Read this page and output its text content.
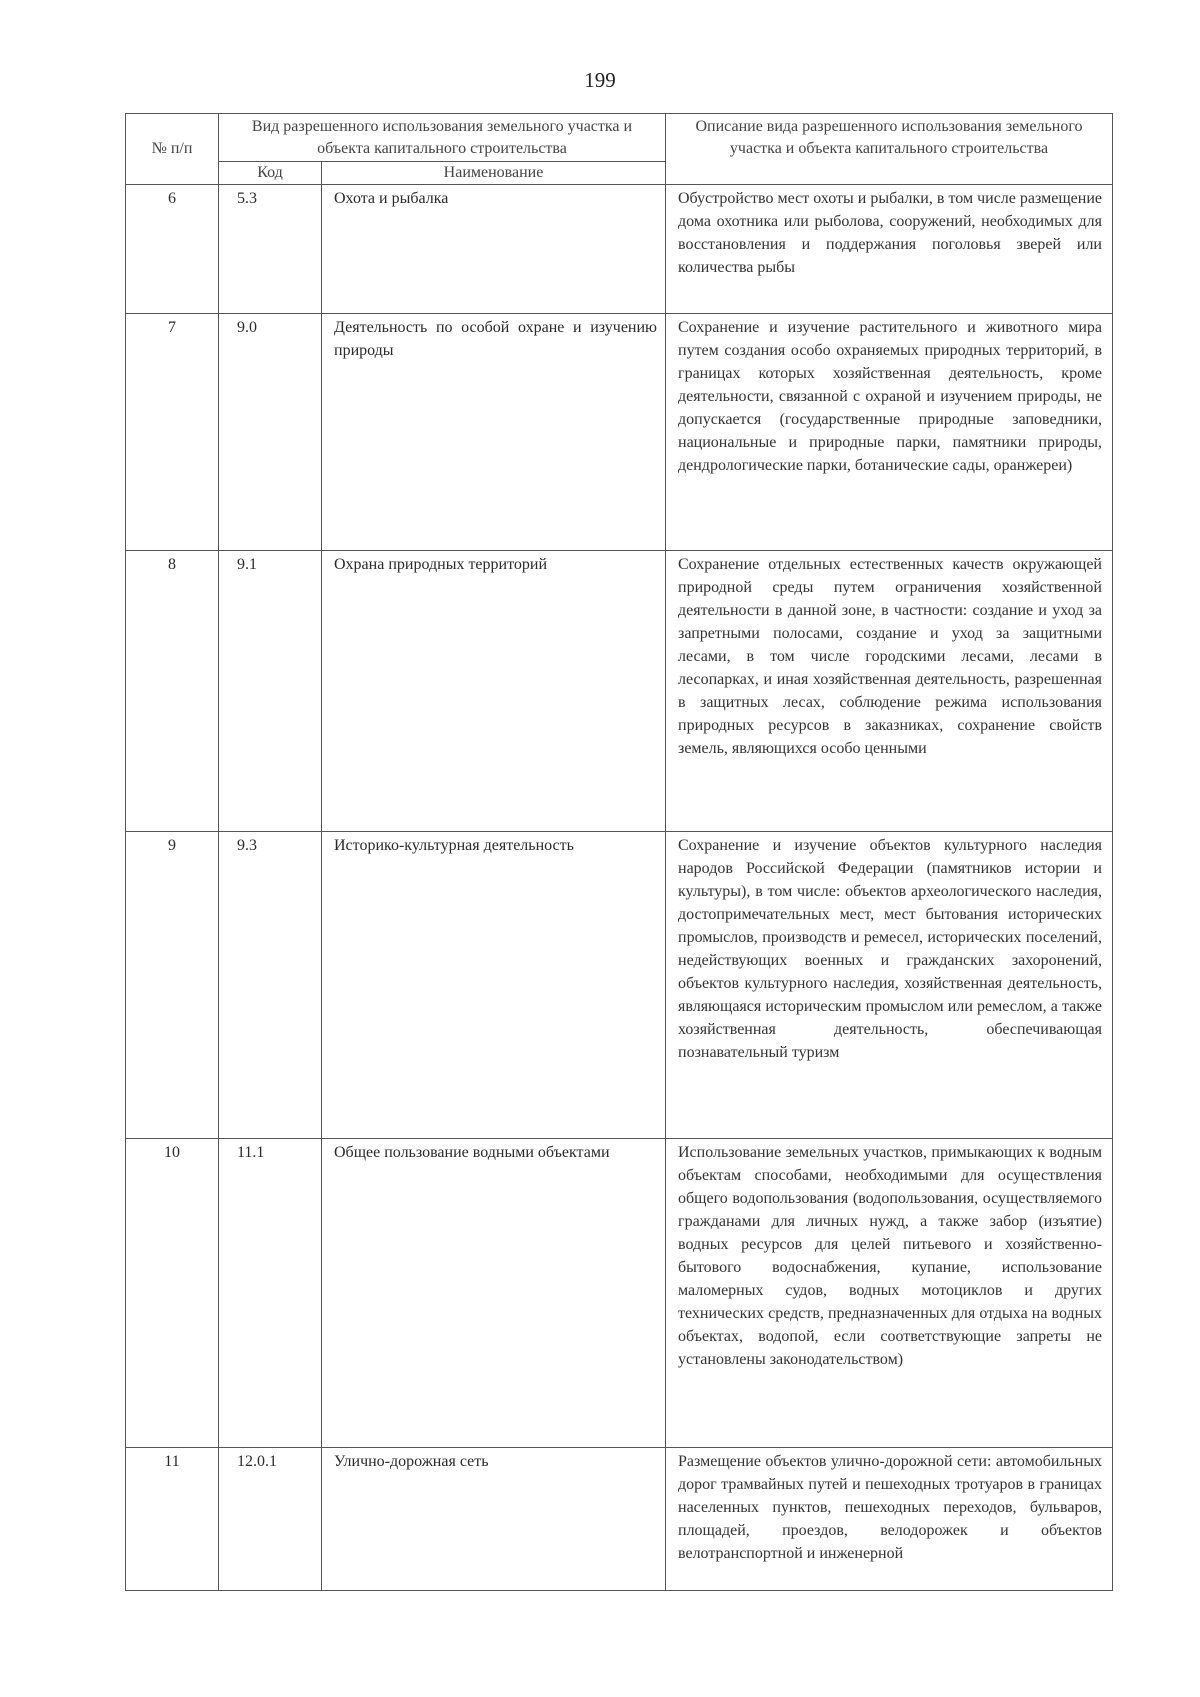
199
№ п/п	Вид разрешенного использования земельного участка и объекта капитального строительства		Описание вида разрешенного использования земельного участка и объекта капитального строительства
	Код	Наименование	
6	5.3	Охота и рыбалка	Обустройство мест охоты и рыбалки, в том числе размещение дома охотника или рыболова, сооружений, необходимых для восстановления и поддержания поголовья зверей или количества рыбы
7	9.0	Деятельность по особой охране и изучению природы	Сохранение и изучение растительного и животного мира путем создания особо охраняемых природных территорий, в границах которых хозяйственная деятельность, кроме деятельности, связанной с охраной и изучением природы, не допускается (государственные природные заповедники, национальные и природные парки, памятники природы, дендрологические парки, ботанические сады, оранжереи)
8	9.1	Охрана природных территорий	Сохранение отдельных естественных качеств окружающей природной среды путем ограничения хозяйственной деятельности в данной зоне, в частности: создание и уход за запретными полосами, создание и уход за защитными лесами, в том числе городскими лесами, лесами в лесопарках, и иная хозяйственная деятельность, разрешенная в защитных лесах, соблюдение режима использования природных ресурсов в заказниках, сохранение свойств земель, являющихся особо ценными
9	9.3	Историко-культурная деятельность	Сохранение и изучение объектов культурного наследия народов Российской Федерации (памятников истории и культуры), в том числе: объектов археологического наследия, достопримечательных мест, мест бытования исторических промыслов, производств и ремесел, исторических поселений, недействующих военных и гражданских захоронений, объектов культурного наследия, хозяйственная деятельность, являющаяся историческим промыслом или ремеслом, а также хозяйственная деятельность, обеспечивающая познавательный туризм
10	11.1	Общее пользование водными объектами	Использование земельных участков, примыкающих к водным объектам способами, необходимыми для осуществления общего водопользования (водопользования, осуществляемого гражданами для личных нужд, а также забор (изъятие) водных ресурсов для целей питьевого и хозяйственно-бытового водоснабжения, купание, использование маломерных судов, водных мотоциклов и других технических средств, предназначенных для отдыха на водных объектах, водопой, если соответствующие запреты не установлены законодательством)
11	12.0.1	Улично-дорожная сеть	Размещение объектов улично-дорожной сети: автомобильных дорог трамвайных путей и пешеходных тротуаров в границах населенных пунктов, пешеходных переходов, бульваров, площадей, проездов, велодорожек и объектов велотранспортной и инженерной
